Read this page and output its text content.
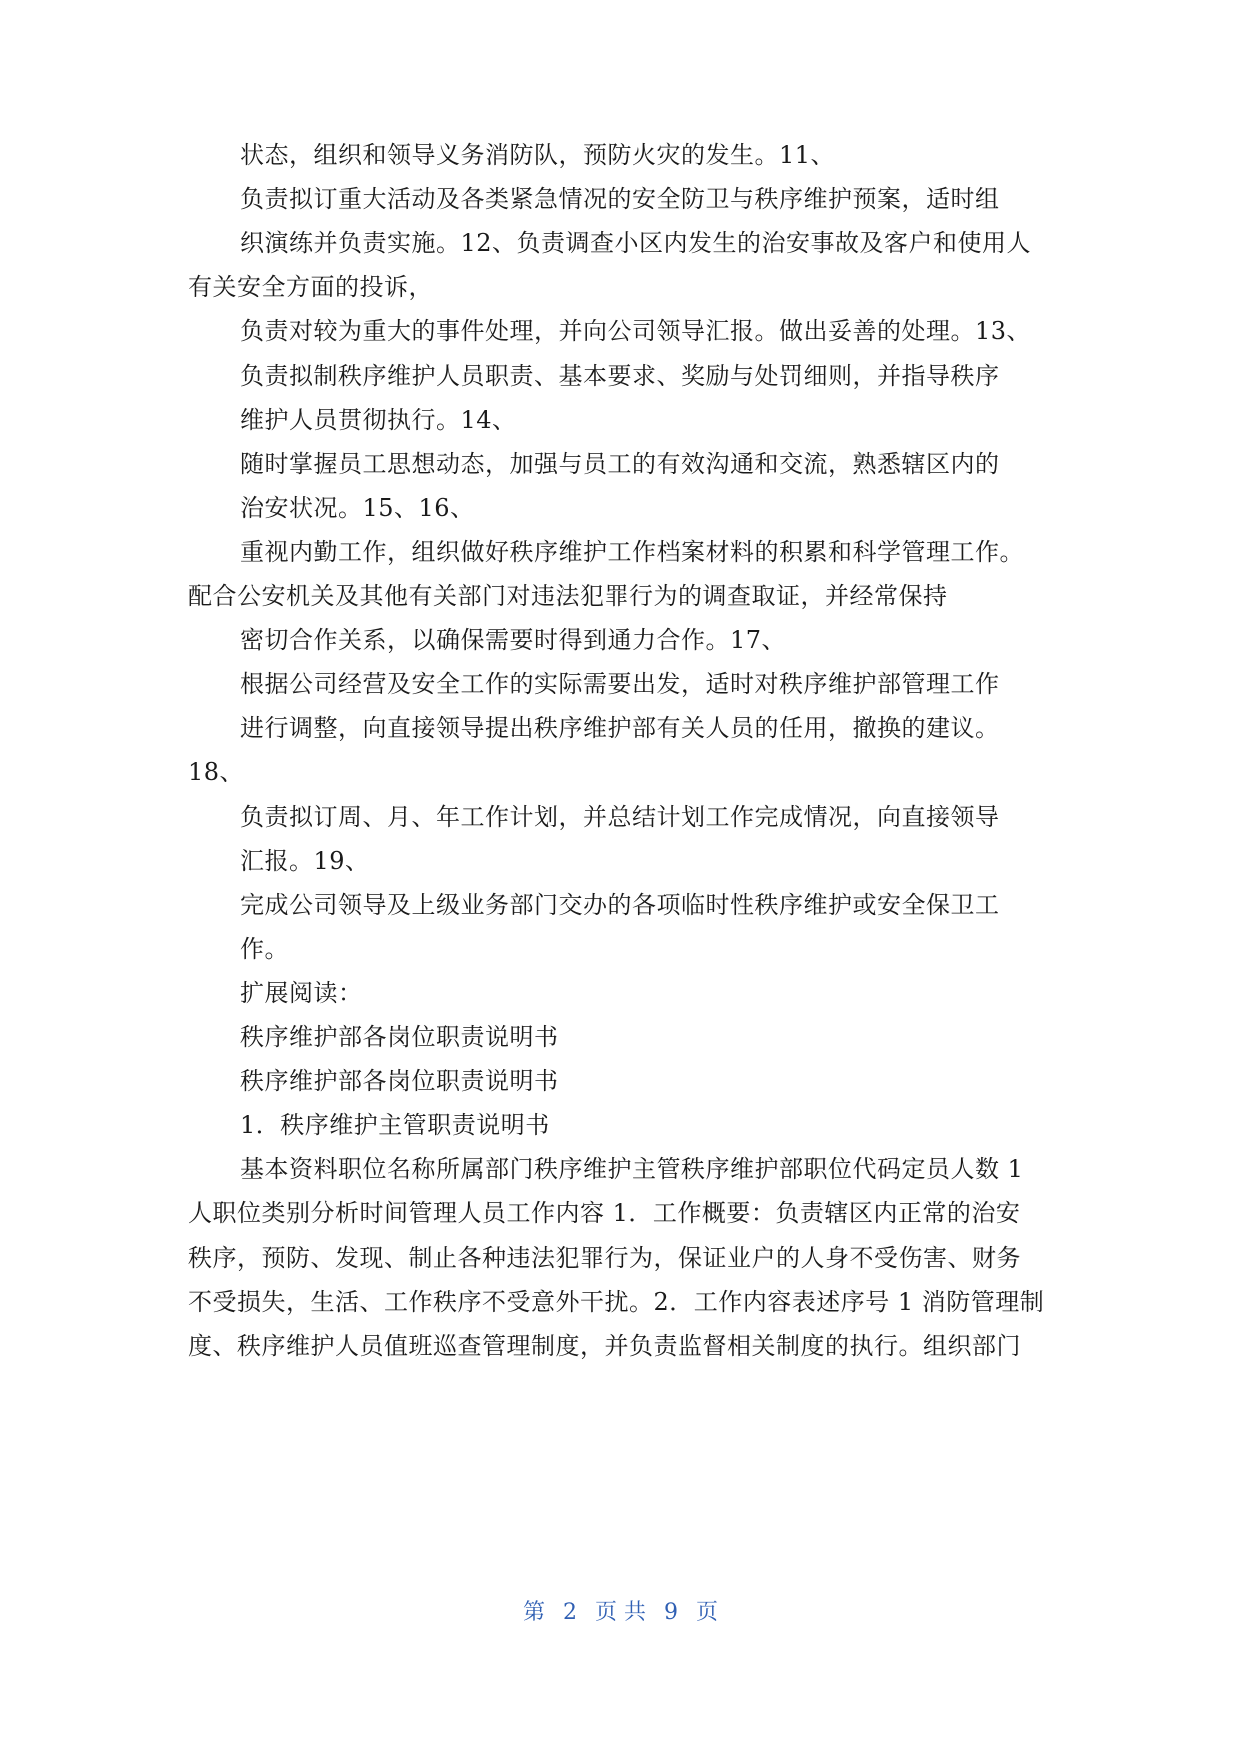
状态，组织和领导义务消防队，预防火灾的发生。11、
负责拟订重大活动及各类紧急情况的安全防卫与秩序维护预案，适时组
织演练并负责实施。12、负责调查小区内发生的治安事故及客户和使用人
有关安全方面的投诉，
负责对较为重大的事件处理，并向公司领导汇报。做出妥善的处理。13、
负责拟制秩序维护人员职责、基本要求、奖励与处罚细则，并指导秩序
维护人员贯彻执行。14、
随时掌握员工思想动态，加强与员工的有效沟通和交流，熟悉辖区内的
治安状况。15、16、
重视内勤工作，组织做好秩序维护工作档案材料的积累和科学管理工作。
配合公安机关及其他有关部门对违法犯罪行为的调查取证，并经常保持
密切合作关系，以确保需要时得到通力合作。17、
根据公司经营及安全工作的实际需要出发，适时对秩序维护部管理工作
进行调整，向直接领导提出秩序维护部有关人员的任用，撤换的建议。
18、
负责拟订周、月、年工作计划，并总结计划工作完成情况，向直接领导
汇报。19、
完成公司领导及上级业务部门交办的各项临时性秩序维护或安全保卫工
作。
扩展阅读：
秩序维护部各岗位职责说明书
秩序维护部各岗位职责说明书
1．秩序维护主管职责说明书
基本资料职位名称所属部门秩序维护主管秩序维护部职位代码定员人数 1
人职位类别分析时间管理人员工作内容 1．工作概要：负责辖区内正常的治安
秩序，预防、发现、制止各种违法犯罪行为，保证业户的人身不受伤害、财务
不受损失，生活、工作秩序不受意外干扰。2．工作内容表述序号 1 消防管理制
度、秩序维护人员值班巡查管理制度，并负责监督相关制度的执行。组织部门
第 2 页 共 9 页
